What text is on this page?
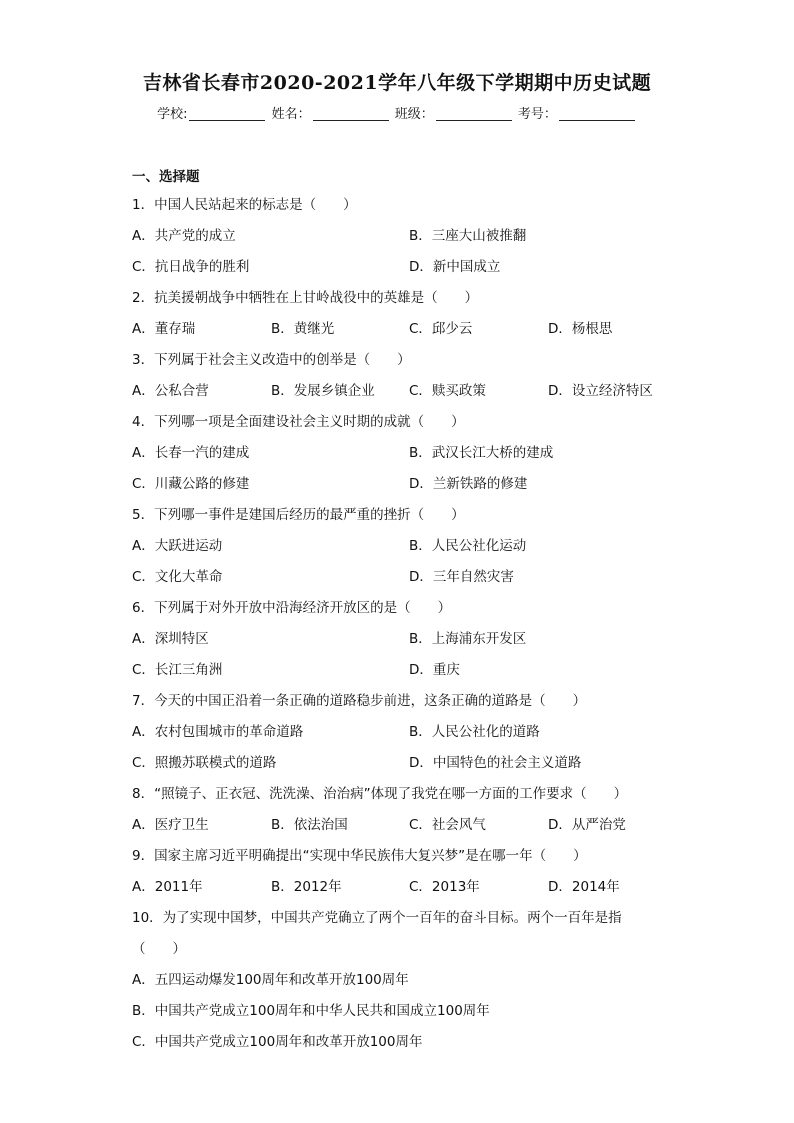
吉林省长春市2020-2021学年八年级下学期期中历史试题
学校:	姓名：	班级：	考号：
一、选择题
1．中国人民站起来的标志是（　　）
A．共产党的成立	B．三座大山被推翻
C．抗日战争的胜利	D．新中国成立
2．抗美援朝战争中牺牲在上甘岭战役中的英雄是（　　）
A．董存瑞	B．黄继光	C．邱少云	D．杨根思
3．下列属于社会主义改造中的创举是（　　）
A．公私合营	B．发展乡镇企业	C．赎买政策	D．设立经济特区
4．下列哪一项是全面建设社会主义时期的成就（　　）
A．长春一汽的建成	B．武汉长江大桥的建成
C．川藏公路的修建	D．兰新铁路的修建
5．下列哪一事件是建国后经历的最严重的挫折（　　）
A．大跃进运动	B．人民公社化运动
C．文化大革命	D．三年自然灾害
6．下列属于对外开放中沿海经济开放区的是（　　）
A．深圳特区	B．上海浦东开发区
C．长江三角洲	D．重庆
7．今天的中国正沿着一条正确的道路稳步前进，这条正确的道路是（　　）
A．农村包围城市的革命道路	B．人民公社化的道路
C．照搬苏联模式的道路	D．中国特色的社会主义道路
8．“照镜子、正衣冠、洗洗澡、治治病”体现了我党在哪一方面的工作要求（　　）
A．医疗卫生	B．依法治国	C．社会风气	D．从严治党
9．国家主席习近平明确提出“实现中华民族伟大复兴梦”是在哪一年（　　）
A．2011年	B．2012年	C．2013年	D．2014年
10．为了实现中国梦，中国共产党确立了两个一百年的奋斗目标。两个一百年是指
（　　）
A．五四运动爆发100周年和改革开放100周年
B．中国共产党成立100周年和中华人民共和国成立100周年
C．中国共产党成立100周年和改革开放100周年
